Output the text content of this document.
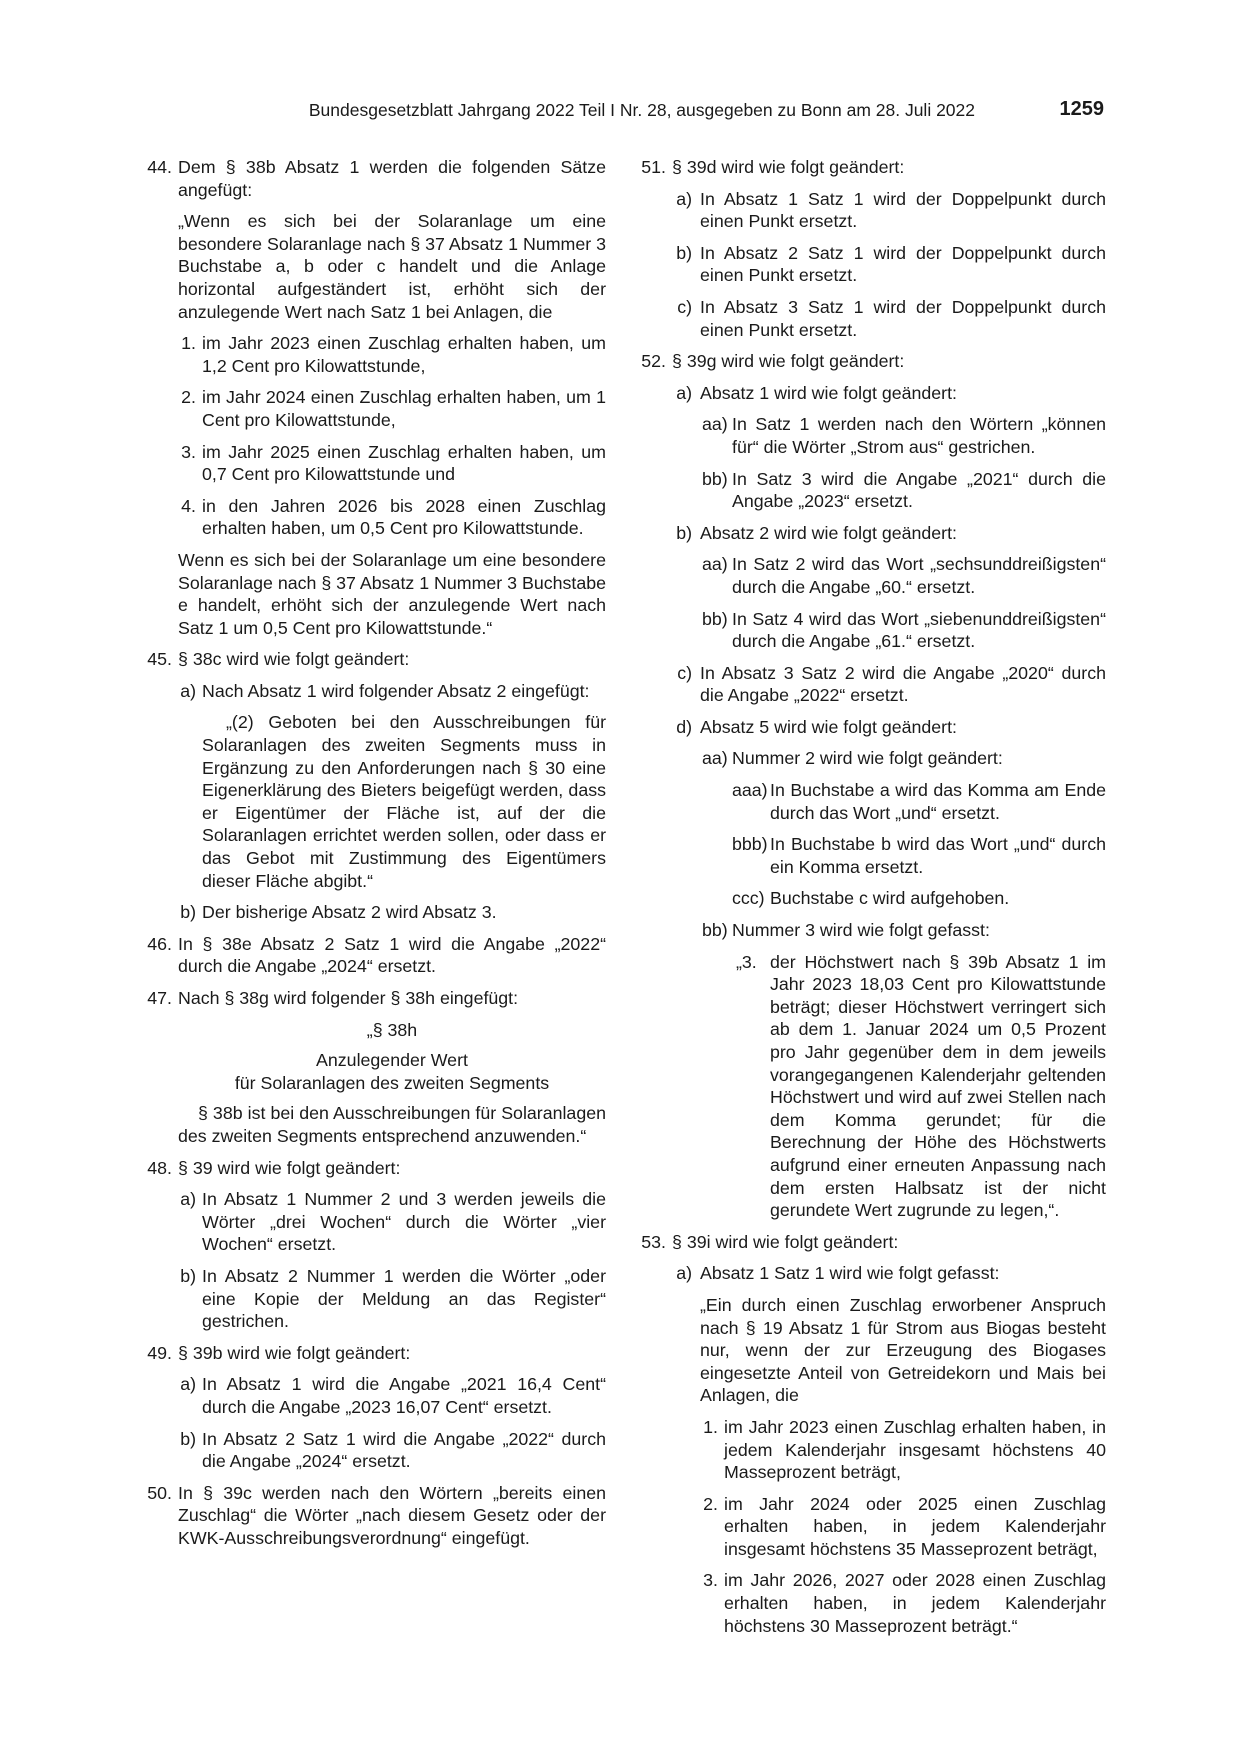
Bundesgesetzblatt Jahrgang 2022 Teil I Nr. 28, ausgegeben zu Bonn am 28. Juli 2022	1259
44. Dem § 38b Absatz 1 werden die folgenden Sätze angefügt:
„Wenn es sich bei der Solaranlage um eine besondere Solaranlage nach § 37 Absatz 1 Nummer 3 Buchstabe a, b oder c handelt und die Anlage horizontal aufgeständert ist, erhöht sich der anzulegende Wert nach Satz 1 bei Anlagen, die
1. im Jahr 2023 einen Zuschlag erhalten haben, um 1,2 Cent pro Kilowattstunde,
2. im Jahr 2024 einen Zuschlag erhalten haben, um 1 Cent pro Kilowattstunde,
3. im Jahr 2025 einen Zuschlag erhalten haben, um 0,7 Cent pro Kilowattstunde und
4. in den Jahren 2026 bis 2028 einen Zuschlag erhalten haben, um 0,5 Cent pro Kilowattstunde.
Wenn es sich bei der Solaranlage um eine besondere Solaranlage nach § 37 Absatz 1 Nummer 3 Buchstabe e handelt, erhöht sich der anzulegende Wert nach Satz 1 um 0,5 Cent pro Kilowattstunde.“
45. § 38c wird wie folgt geändert:
a) Nach Absatz 1 wird folgender Absatz 2 eingefügt:
„(2) Geboten bei den Ausschreibungen für Solaranlagen des zweiten Segments muss in Ergänzung zu den Anforderungen nach § 30 eine Eigenerklärung des Bieters beigefügt werden, dass er Eigentümer der Fläche ist, auf der die Solaranlagen errichtet werden sollen, oder dass er das Gebot mit Zustimmung des Eigentümers dieser Fläche abgibt.“
b) Der bisherige Absatz 2 wird Absatz 3.
46. In § 38e Absatz 2 Satz 1 wird die Angabe „2022“ durch die Angabe „2024“ ersetzt.
47. Nach § 38g wird folgender § 38h eingefügt:
„§ 38h
Anzulegender Wert
für Solaranlagen des zweiten Segments
§ 38b ist bei den Ausschreibungen für Solaranlagen des zweiten Segments entsprechend anzuwenden.“
48. § 39 wird wie folgt geändert:
a) In Absatz 1 Nummer 2 und 3 werden jeweils die Wörter „drei Wochen“ durch die Wörter „vier Wochen“ ersetzt.
b) In Absatz 2 Nummer 1 werden die Wörter „oder eine Kopie der Meldung an das Register“ gestrichen.
49. § 39b wird wie folgt geändert:
a) In Absatz 1 wird die Angabe „2021 16,4 Cent“ durch die Angabe „2023 16,07 Cent“ ersetzt.
b) In Absatz 2 Satz 1 wird die Angabe „2022“ durch die Angabe „2024“ ersetzt.
50. In § 39c werden nach den Wörtern „bereits einen Zuschlag“ die Wörter „nach diesem Gesetz oder der KWK-Ausschreibungsverordnung“ eingefügt.
51. § 39d wird wie folgt geändert:
a) In Absatz 1 Satz 1 wird der Doppelpunkt durch einen Punkt ersetzt.
b) In Absatz 2 Satz 1 wird der Doppelpunkt durch einen Punkt ersetzt.
c) In Absatz 3 Satz 1 wird der Doppelpunkt durch einen Punkt ersetzt.
52. § 39g wird wie folgt geändert:
a) Absatz 1 wird wie folgt geändert:
aa) In Satz 1 werden nach den Wörtern „können für“ die Wörter „Strom aus“ gestrichen.
bb) In Satz 3 wird die Angabe „2021“ durch die Angabe „2023“ ersetzt.
b) Absatz 2 wird wie folgt geändert:
aa) In Satz 2 wird das Wort „sechsunddreißigsten“ durch die Angabe „60.“ ersetzt.
bb) In Satz 4 wird das Wort „siebenunddreißigsten“ durch die Angabe „61.“ ersetzt.
c) In Absatz 3 Satz 2 wird die Angabe „2020“ durch die Angabe „2022“ ersetzt.
d) Absatz 5 wird wie folgt geändert:
aa) Nummer 2 wird wie folgt geändert:
aaa) In Buchstabe a wird das Komma am Ende durch das Wort „und“ ersetzt.
bbb) In Buchstabe b wird das Wort „und“ durch ein Komma ersetzt.
ccc) Buchstabe c wird aufgehoben.
bb) Nummer 3 wird wie folgt gefasst:
„3. der Höchstwert nach § 39b Absatz 1 im Jahr 2023 18,03 Cent pro Kilowattstunde beträgt; dieser Höchstwert verringert sich ab dem 1. Januar 2024 um 0,5 Prozent pro Jahr gegenüber dem in dem jeweils vorangegangenen Kalenderjahr geltenden Höchstwert und wird auf zwei Stellen nach dem Komma gerundet; für die Berechnung der Höhe des Höchstwerts aufgrund einer erneuten Anpassung nach dem ersten Halbsatz ist der nicht gerundete Wert zugrunde zu legen,“.
53. § 39i wird wie folgt geändert:
a) Absatz 1 Satz 1 wird wie folgt gefasst:
„Ein durch einen Zuschlag erworbener Anspruch nach § 19 Absatz 1 für Strom aus Biogas besteht nur, wenn der zur Erzeugung des Biogases eingesetzte Anteil von Getreidekorn und Mais bei Anlagen, die
1. im Jahr 2023 einen Zuschlag erhalten haben, in jedem Kalenderjahr insgesamt höchstens 40 Masseprozent beträgt,
2. im Jahr 2024 oder 2025 einen Zuschlag erhalten haben, in jedem Kalenderjahr insgesamt höchstens 35 Masseprozent beträgt,
3. im Jahr 2026, 2027 oder 2028 einen Zuschlag erhalten haben, in jedem Kalenderjahr höchstens 30 Masseprozent beträgt.“
